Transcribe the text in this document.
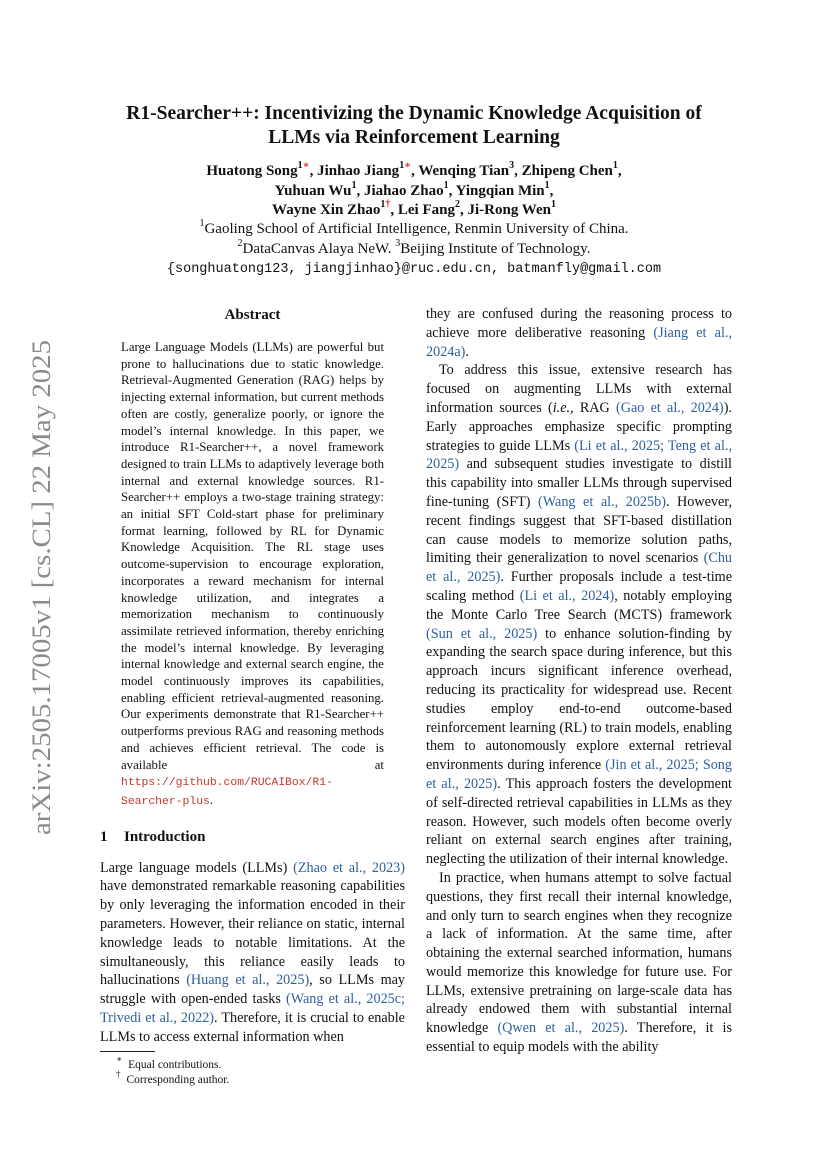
arXiv:2505.17005v1 [cs.CL] 22 May 2025
R1-Searcher++: Incentivizing the Dynamic Knowledge Acquisition of
LLMs via Reinforcement Learning

Huatong Song$^{1∗}$, Jinhao Jiang$^{1∗}$, Wenqing Tian$^3$, Zhipeng Chen$^1$,
Yuhuan Wu$^1$, Jiahao Zhao$^1$, Yingqian Min$^1$,
Wayne Xin Zhao$^{1\dagger}$, Lei Fang$^2$, Ji-Rong Wen$^1$

$^1$Gaoling School of Artificial Intelligence, Renmin University of China.
$^2$DataCanvas Alaya NeW. $^3$Beijing Institute of Technology.
{songhuatong123, jiangjinhao}@ruc.edu.cn, batmanfly@gmail.com

Abstract

Large Language Models (LLMs) are powerful but prone to hallucinations due to static knowledge. Retrieval-Augmented Generation (RAG) helps by injecting external information, but current methods often are costly, generalize poorly, or ignore the model’s internal knowledge. In this paper, we introduce R1-Searcher++, a novel framework designed to train LLMs to adaptively leverage both internal and external knowledge sources. R1-Searcher++ employs a two-stage training strategy: an initial SFT Cold-start phase for preliminary format learning, followed by RL for Dynamic Knowledge Acquisition. The RL stage uses outcome-supervision to encourage exploration, incorporates a reward mechanism for internal knowledge utilization, and integrates a memorization mechanism to continuously assimilate retrieved information, thereby enriching the model’s internal knowledge. By leveraging internal knowledge and external search engine, the model continuously improves its capabilities, enabling efficient retrieval-augmented reasoning. Our experiments demonstrate that R1-Searcher++ outperforms previous RAG and reasoning methods and achieves efficient retrieval. The code is available at https://github.com/RUCAIBox/R1-Searcher-plus.

1 Introduction

Large language models (LLMs) (Zhao et al., 2023) have demonstrated remarkable reasoning capabilities by only leveraging the information encoded in their parameters. However, their reliance on static, internal knowledge leads to notable limitations. At the simultaneously, this reliance easily leads to hallucinations (Huang et al., 2025), so LLMs may struggle with open-ended tasks (Wang et al., 2025c; Trivedi et al., 2022). Therefore, it is crucial to enable LLMs to access external information when

∗ Equal contributions.

† Corresponding author.

they are confused during the reasoning process to achieve more deliberative reasoning (Jiang et al., 2024a).

To address this issue, extensive research has focused on augmenting LLMs with external information sources (i.e., RAG (Gao et al., 2024)). Early approaches emphasize specific prompting strategies to guide LLMs (Li et al., 2025; Teng et al., 2025) and subsequent studies investigate to distill this capability into smaller LLMs through supervised fine-tuning (SFT) (Wang et al., 2025b). However, recent findings suggest that SFT-based distillation can cause models to memorize solution paths, limiting their generalization to novel scenarios (Chu et al., 2025). Further proposals include a test-time scaling method (Li et al., 2024), notably employing the Monte Carlo Tree Search (MCTS) framework (Sun et al., 2025) to enhance solution-finding by expanding the search space during inference, but this approach incurs significant inference overhead, reducing its practicality for widespread use. Recent studies employ end-to-end outcome-based reinforcement learning (RL) to train models, enabling them to autonomously explore external retrieval environments during inference (Jin et al., 2025; Song et al., 2025). This approach fosters the development of self-directed retrieval capabilities in LLMs as they reason. However, such models often become overly reliant on external search engines after training, neglecting the utilization of their internal knowledge.

In practice, when humans attempt to solve factual questions, they first recall their internal knowledge, and only turn to search engines when they recognize a lack of information. At the same time, after obtaining the external searched information, humans would memorize this knowledge for future use. For LLMs, extensive pretraining on large-scale data has already endowed them with substantial internal knowledge (Qwen et al., 2025). Therefore, it is essential to equip models with the ability
